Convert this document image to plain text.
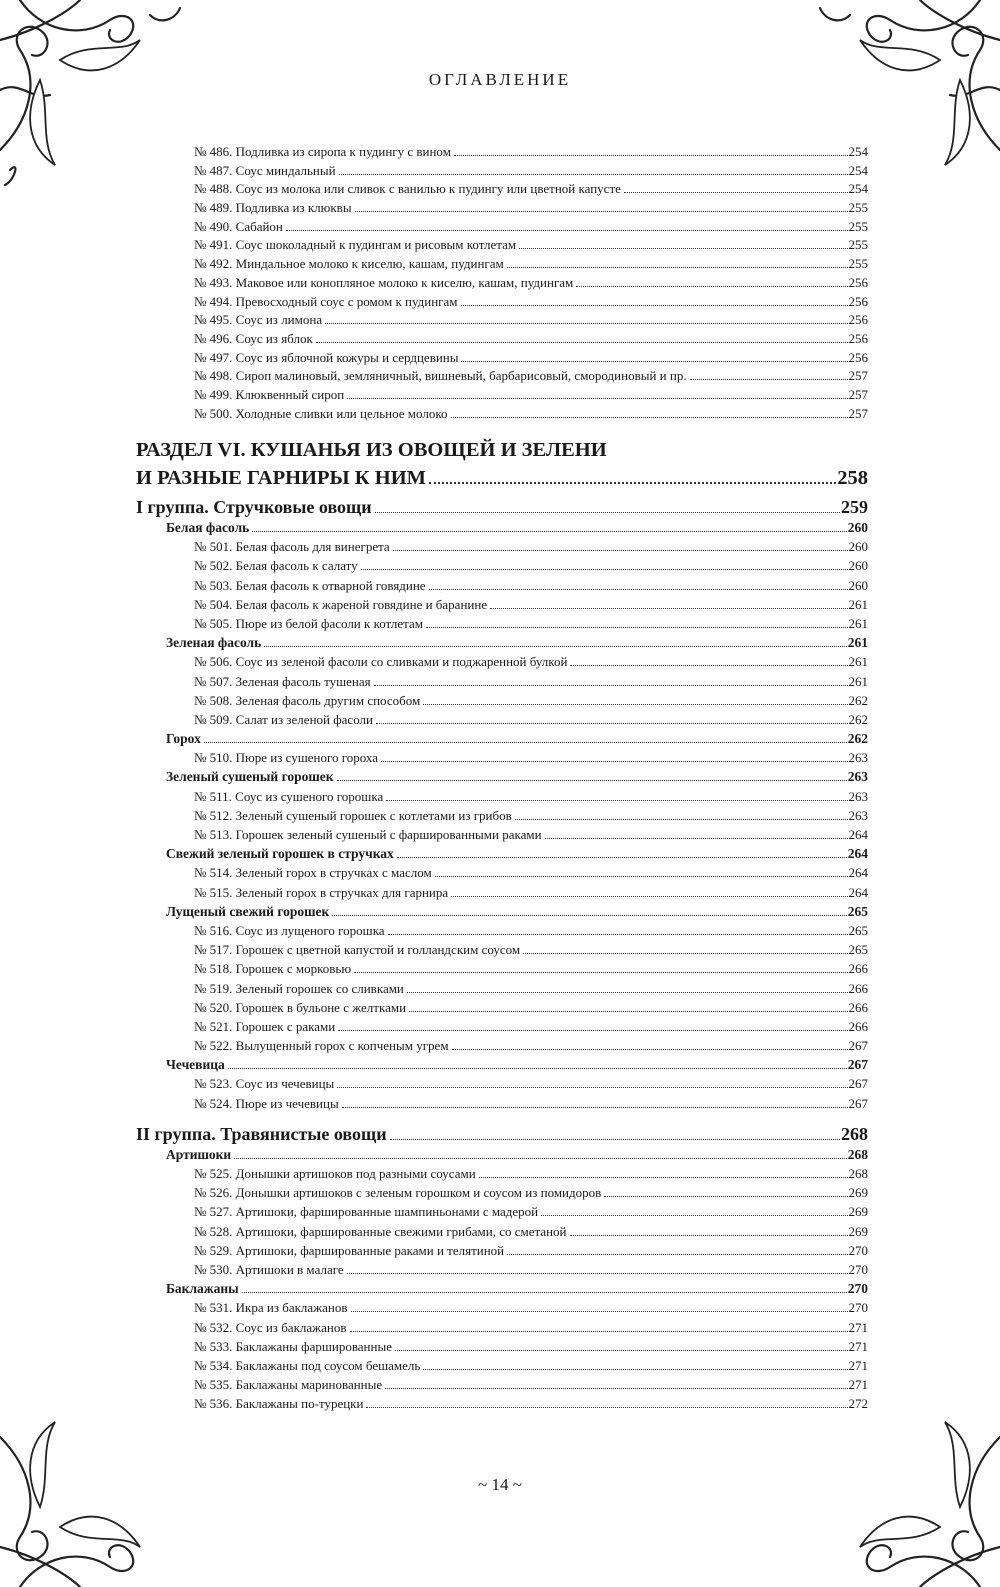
ОГЛАВЛЕНИЕ
№ 486. Подливка из сиропа к пудингу с вином	254
№ 487. Соус миндальный	254
№ 488. Соус из молока или сливок с ванилью к пудингу или цветной капусте	254
№ 489. Подливка из клюквы	255
№ 490. Сабайон	255
№ 491. Соус шоколадный к пудингам и рисовым котлетам	255
№ 492. Миндальное молоко к киселю, кашам, пудингам	255
№ 493. Маковое или конопляное молоко к киселю, кашам, пудингам	256
№ 494. Превосходный соус с ромом к пудингам	256
№ 495. Соус из лимона	256
№ 496. Соус из яблок	256
№ 497. Соус из яблочной кожуры и сердцевины	256
№ 498. Сироп малиновый, земляничный, вишневый, барбарисовый, смородиновый и пр.	257
№ 499. Клюквенный сироп	257
№ 500. Холодные сливки или цельное молоко	257
РАЗДЕЛ VI. КУШАНЬЯ ИЗ ОВОЩЕЙ И ЗЕЛЕНИ
И РАЗНЫЕ ГАРНИРЫ К НИМ	258
I группа. Стручковые овощи	259
Белая фасоль	260
№ 501. Белая фасоль для винегрета	260
№ 502. Белая фасоль к салату	260
№ 503. Белая фасоль к отварной говядине	260
№ 504. Белая фасоль к жареной говядине и баранине	261
№ 505. Пюре из белой фасоли к котлетам	261
Зеленая фасоль	261
№ 506. Соус из зеленой фасоли со сливками и поджаренной булкой	261
№ 507. Зеленая фасоль тушеная	261
№ 508. Зеленая фасоль другим способом	262
№ 509. Салат из зеленой фасоли	262
Горох	262
№ 510. Пюре из сушеного гороха	263
Зеленый сушеный горошек	263
№ 511. Соус из сушеного горошка	263
№ 512. Зеленый сушеный горошек с котлетами из грибов	263
№ 513. Горошек зеленый сушеный с фаршированными раками	264
Свежий зеленый горошек в стручках	264
№ 514. Зеленый горох в стручках с маслом	264
№ 515. Зеленый горох в стручках для гарнира	264
Лущеный свежий горошек	265
№ 516. Соус из лущеного горошка	265
№ 517. Горошек с цветной капустой и голландским соусом	265
№ 518. Горошек с морковью	266
№ 519. Зеленый горошек со сливками	266
№ 520. Горошек в бульоне с желтками	266
№ 521. Горошек с раками	266
№ 522. Вылущенный горох с копченым угрем	267
Чечевица	267
№ 523. Соус из чечевицы	267
№ 524. Пюре из чечевицы	267
II группа. Травянистые овощи	268
Артишоки	268
№ 525. Донышки артишоков под разными соусами	268
№ 526. Донышки артишоков с зеленым горошком и соусом из помидоров	269
№ 527. Артишоки, фаршированные шампиньонами с мадерой	269
№ 528. Артишоки, фаршированные свежими грибами, со сметаной	269
№ 529. Артишоки, фаршированные раками и телятиной	270
№ 530. Артишоки в малаге	270
Баклажаны	270
№ 531. Икра из баклажанов	270
№ 532. Соус из баклажанов	271
№ 533. Баклажаны фаршированные	271
№ 534. Баклажаны под соусом бешамель	271
№ 535. Баклажаны маринованные	271
№ 536. Баклажаны по-турецки	272
~ 14 ~
